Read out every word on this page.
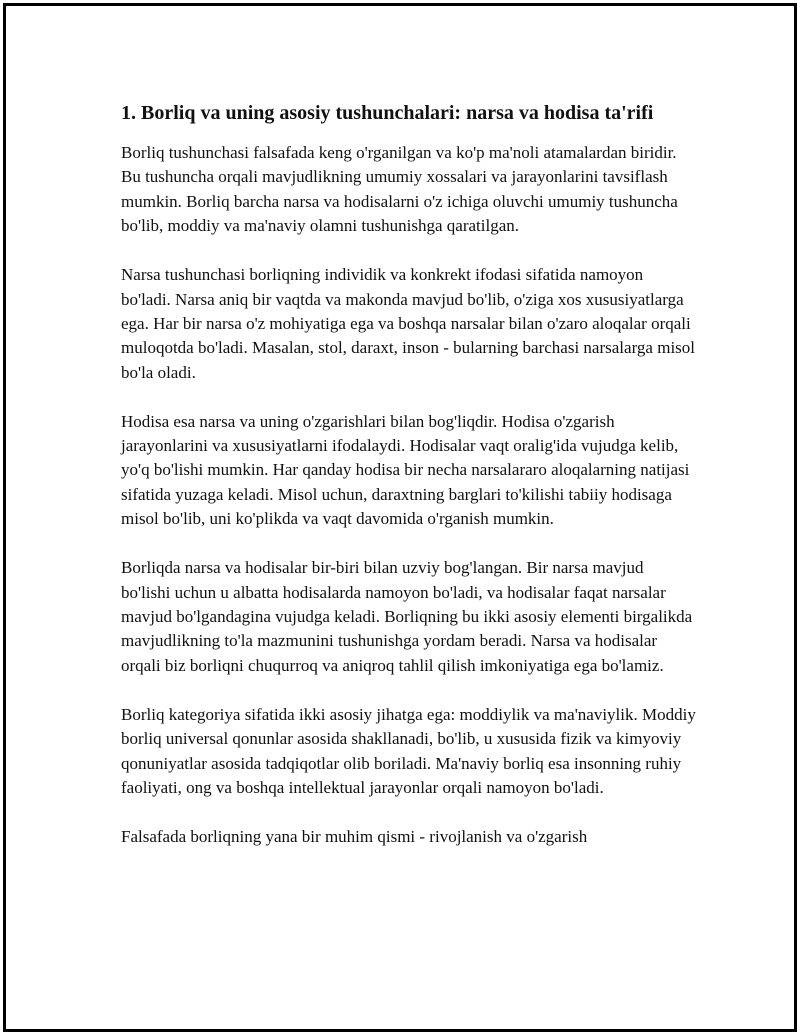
1. Borliq va uning asosiy tushunchalari: narsa va hodisa ta'rifi

Borliq tushunchasi falsafada keng o'rganilgan va ko'p ma'noli atamalardan biridir. Bu tushuncha orqali mavjudlikning umumiy xossalari va jarayonlarini tavsiflash mumkin. Borliq barcha narsa va hodisalarni o'z ichiga oluvchi umumiy tushuncha bo'lib, moddiy va ma'naviy olamni tushunishga qaratilgan.

Narsa tushunchasi borliqning individik va konkrekt ifodasi sifatida namoyon bo'ladi. Narsa aniq bir vaqtda va makonda mavjud bo'lib, o'ziga xos xususiyatlarga ega. Har bir narsa o'z mohiyatiga ega va boshqa narsalar bilan o'zaro aloqalar orqali muloqotda bo'ladi. Masalan, stol, daraxt, inson - bularning barchasi narsalarga misol bo'la oladi.

Hodisa esa narsa va uning o'zgarishlari bilan bog'liqdir. Hodisa o'zgarish jarayonlarini va xususiyatlarni ifodalaydi. Hodisalar vaqt oralig'ida vujudga kelib, yo'q bo'lishi mumkin. Har qanday hodisa bir necha narsalararo aloqalarning natijasi sifatida yuzaga keladi. Misol uchun, daraxtning barglari to'kilishi tabiiy hodisaga misol bo'lib, uni ko'plikda va vaqt davomida o'rganish mumkin.

Borliqda narsa va hodisalar bir-biri bilan uzviy bog'langan. Bir narsa mavjud bo'lishi uchun u albatta hodisalarda namoyon bo'ladi, va hodisalar faqat narsalar mavjud bo'lgandagina vujudga keladi. Borliqning bu ikki asosiy elementi birgalikda mavjudlikning to'la mazmunini tushunishga yordam beradi. Narsa va hodisalar orqali biz borliqni chuqurroq va aniqroq tahlil qilish imkoniyatiga ega bo'lamiz.

Borliq kategoriya sifatida ikki asosiy jihatga ega: moddiylik va ma'naviylik. Moddiy borliq universal qonunlar asosida shakllanadi, bo'lib, u xususida fizik va kimyoviy qonuniyatlar asosida tadqiqotlar olib boriladi. Ma'naviy borliq esa insonning ruhiy faoliyati, ong va boshqa intellektual jarayonlar orqali namoyon bo'ladi.

Falsafada borliqning yana bir muhim qismi - rivojlanish va o'zgarish
